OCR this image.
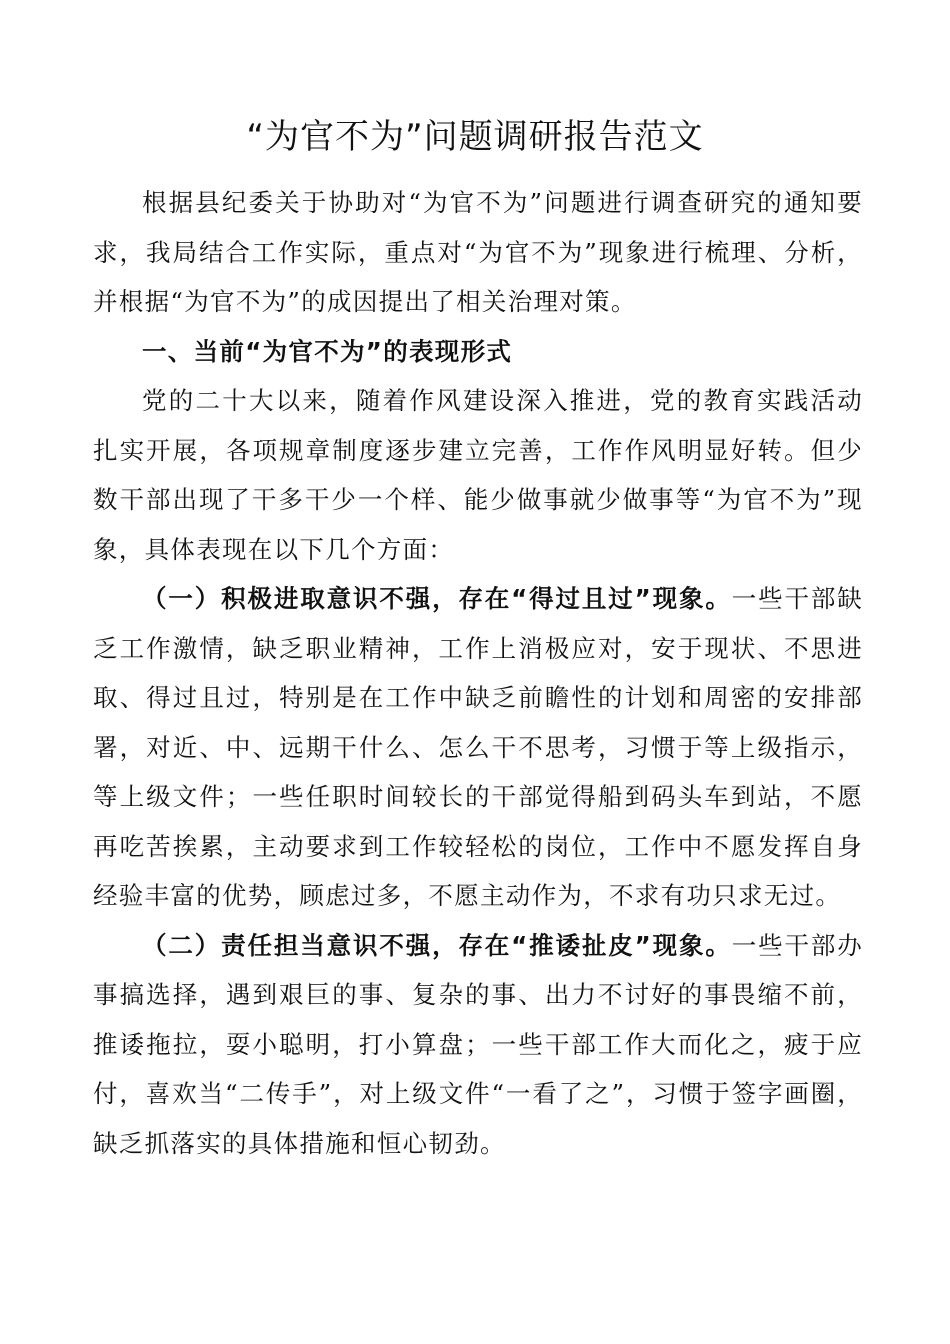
“为官不为”问题调研报告范文

根据县纪委关于协助对“为官不为”问题进行调查研究的通知要求，我局结合工作实际，重点对“为官不为”现象进行梳理、分析，并根据“为官不为”的成因提出了相关治理对策。

一、当前“为官不为”的表现形式

党的二十大以来，随着作风建设深入推进，党的教育实践活动扎实开展，各项规章制度逐步建立完善，工作作风明显好转。但少数干部出现了干多干少一个样、能少做事就少做事等“为官不为”现象，具体表现在以下几个方面：

（一）积极进取意识不强，存在“得过且过”现象。一些干部缺乏工作激情，缺乏职业精神，工作上消极应对，安于现状、不思进取、得过且过，特别是在工作中缺乏前瞻性的计划和周密的安排部署，对近、中、远期干什么、怎么干不思考，习惯于等上级指示，等上级文件；一些任职时间较长的干部觉得船到码头车到站，不愿再吃苦挨累，主动要求到工作较轻松的岗位，工作中不愿发挥自身经验丰富的优势，顾虑过多，不愿主动作为，不求有功只求无过。

（二）责任担当意识不强，存在“推诿扯皮”现象。一些干部办事搞选择，遇到艰巨的事、复杂的事、出力不讨好的事畏缩不前，推诿拖拉，耍小聪明，打小算盘；一些干部工作大而化之，疲于应付，喜欢当“二传手”，对上级文件“一看了之”，习惯于签字画圈，缺乏抓落实的具体措施和恒心韧劲。
